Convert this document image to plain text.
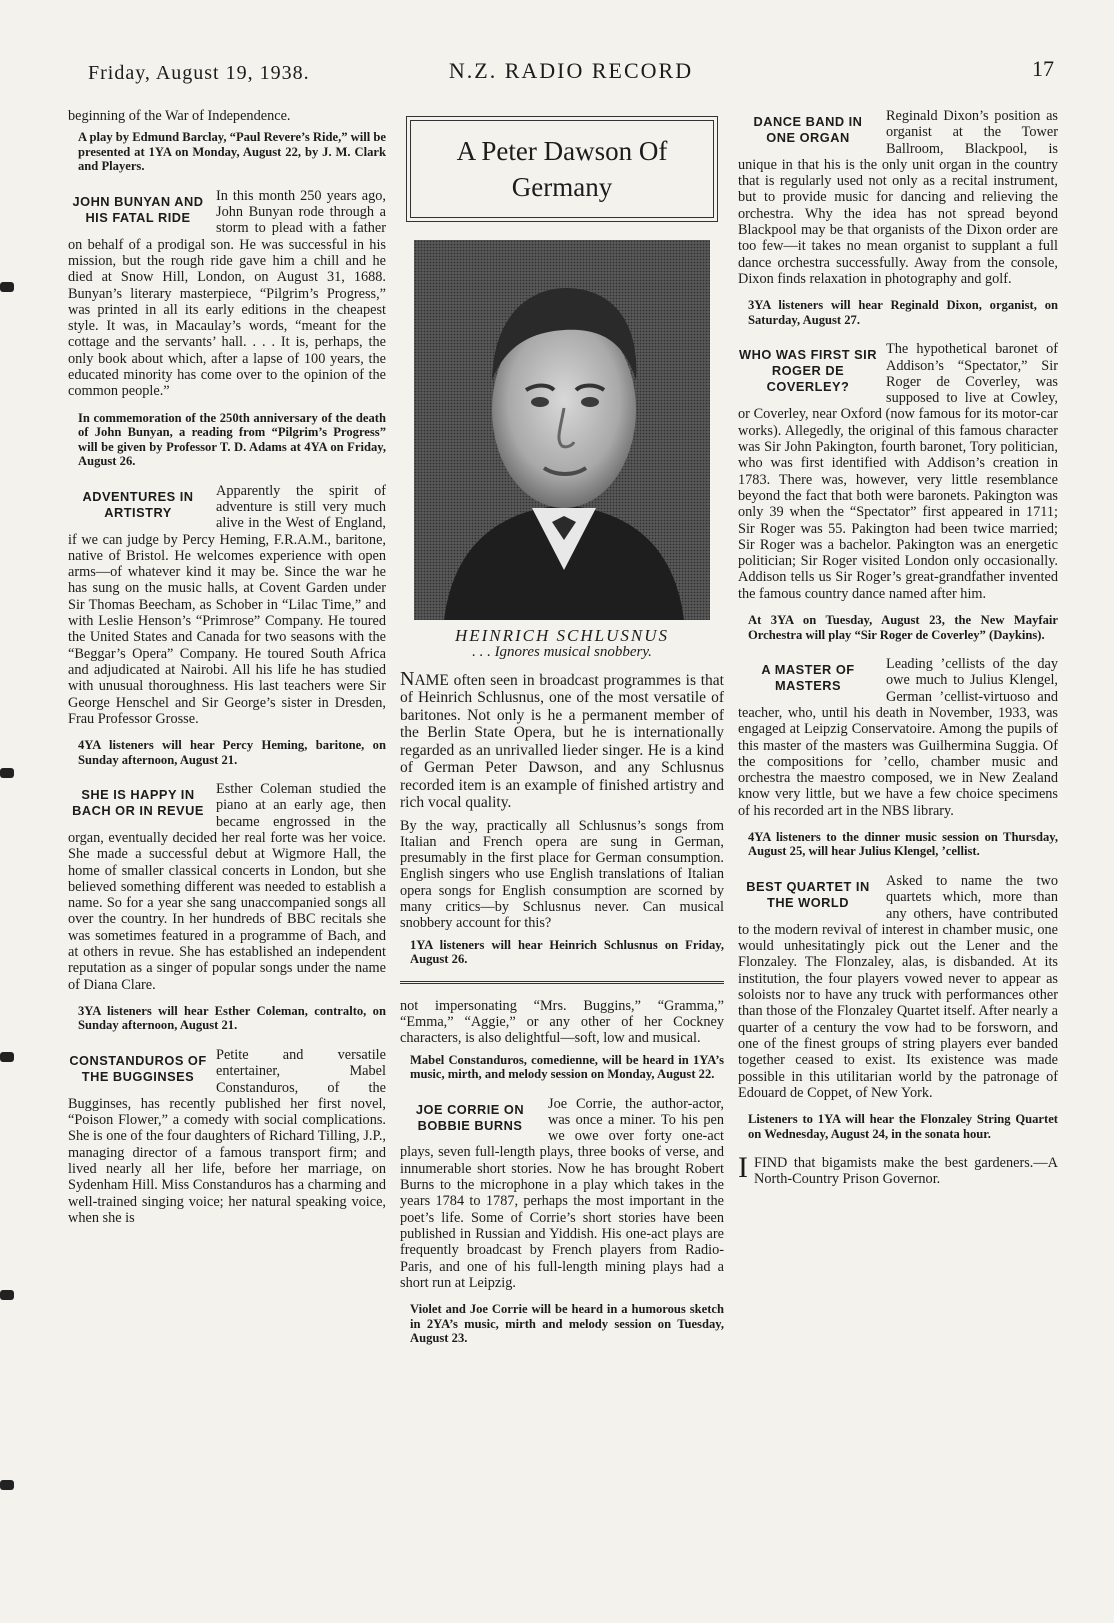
Friday, August 19, 1938.	N.Z. RADIO RECORD	17

beginning of the War of Independence.

A play by Edmund Barclay, “Paul Revere’s Ride,” will be presented at 1YA on Monday, August 22, by J. M. Clark and Players.
JOHN BUNYAN AND HIS FATAL RIDE

In this month 250 years ago, John Bunyan rode through a storm to plead with a father on behalf of a prodigal son. He was successful in his mission, but the rough ride gave him a chill and he died at Snow Hill, London, on August 31, 1688. Bunyan’s literary masterpiece, “Pilgrim’s Progress,” was printed in all its early editions in the cheapest style. It was, in Macaulay’s words, “meant for the cottage and the servants’ hall. . . . It is, perhaps, the only book about which, after a lapse of 100 years, the educated minority has come over to the opinion of the common people.”

In commemoration of the 250th anniversary of the death of John Bunyan, a reading from “Pilgrim’s Progress” will be given by Professor T. D. Adams at 4YA on Friday, August 26.
ADVENTURES IN ARTISTRY

Apparently the spirit of adventure is still very much alive in the West of England, if we can judge by Percy Heming, F.R.A.M., baritone, native of Bristol. He welcomes experience with open arms—of whatever kind it may be. Since the war he has sung on the music halls, at Covent Garden under Sir Thomas Beecham, as Schober in “Lilac Time,” and with Leslie Henson’s “Primrose” Company. He toured the United States and Canada for two seasons with the “Beggar’s Opera” Company. He toured South Africa and adjudicated at Nairobi. All his life he has studied with unusual thoroughness. His last teachers were Sir George Henschel and Sir George’s sister in Dresden, Frau Professor Grosse.

4YA listeners will hear Percy Heming, baritone, on Sunday afternoon, August 21.
SHE IS HAPPY IN BACH OR IN REVUE

Esther Coleman studied the piano at an early age, then became engrossed in the organ, eventually decided her real forte was her voice. She made a successful debut at Wigmore Hall, the home of smaller classical concerts in London, but she believed something different was needed to establish a name. So for a year she sang unaccompanied songs all over the country. In her hundreds of BBC recitals she was sometimes featured in a programme of Bach, and at others in revue. She has established an independent reputation as a singer of popular songs under the name of Diana Clare.

3YA listeners will hear Esther Coleman, contralto, on Sunday afternoon, August 21.
CONSTANDUROS OF THE BUGGINSES

Petite and versatile entertainer, Mabel Constanduros, of the Bugginses, has recently published her first novel, “Poison Flower,” a comedy with social complications. She is one of the four daughters of Richard Tilling, J.P., managing director of a famous transport firm; and lived nearly all her life, before her marriage, on Sydenham Hill. Miss Constanduros has a charming and well-trained singing voice; her natural speaking voice, when she is

A Peter Dawson Of Germany
HEINRICH SCHLUSNUS
. . . Ignores musical snobbery.

NAME often seen in broadcast programmes is that of Heinrich Schlusnus, one of the most versatile of baritones. Not only is he a permanent member of the Berlin State Opera, but he is internationally regarded as an unrivalled lieder singer. He is a kind of German Peter Dawson, and any Schlusnus recorded item is an example of finished artistry and rich vocal quality.

By the way, practically all Schlusnus’s songs from Italian and French opera are sung in German, presumably in the first place for German consumption. English singers who use English translations of Italian opera songs for English consumption are scorned by many critics—by Schlusnus never. Can musical snobbery account for this?

1YA listeners will hear Heinrich Schlusnus on Friday, August 26.

not impersonating “Mrs. Buggins,” “Gramma,” “Emma,” “Aggie,” or any other of her Cockney characters, is also delightful—soft, low and musical.

Mabel Constanduros, comedienne, will be heard in 1YA’s music, mirth, and melody session on Monday, August 22.
JOE CORRIE ON BOBBIE BURNS

Joe Corrie, the author-actor, was once a miner. To his pen we owe over forty one-act plays, seven full-length plays, three books of verse, and innumerable short stories. Now he has brought Robert Burns to the microphone in a play which takes in the years 1784 to 1787, perhaps the most important in the poet’s life. Some of Corrie’s short stories have been published in Russian and Yiddish. His one-act plays are frequently broadcast by French players from Radio-Paris, and one of his full-length mining plays had a short run at Leipzig.

Violet and Joe Corrie will be heard in a humorous sketch in 2YA’s music, mirth and melody session on Tuesday, August 23.
DANCE BAND IN ONE ORGAN

Reginald Dixon’s position as organist at the Tower Ballroom, Blackpool, is unique in that his is the only unit organ in the country that is regularly used not only as a recital instrument, but to provide music for dancing and relieving the orchestra. Why the idea has not spread beyond Blackpool may be that organists of the Dixon order are too few—it takes no mean organist to supplant a full dance orchestra successfully. Away from the console, Dixon finds relaxation in photography and golf.

3YA listeners will hear Reginald Dixon, organist, on Saturday, August 27.
WHO WAS FIRST SIR ROGER DE COVERLEY?

The hypothetical baronet of Addison’s “Spectator,” Sir Roger de Coverley, was supposed to live at Cowley, or Coverley, near Oxford (now famous for its motor-car works). Allegedly, the original of this famous character was Sir John Pakington, fourth baronet, Tory politician, who was first identified with Addison’s creation in 1783. There was, however, very little resemblance beyond the fact that both were baronets. Pakington was only 39 when the “Spectator” first appeared in 1711; Sir Roger was 55. Pakington had been twice married; Sir Roger was a bachelor. Pakington was an energetic politician; Sir Roger visited London only occasionally. Addison tells us Sir Roger’s great-grandfather invented the famous country dance named after him.

At 3YA on Tuesday, August 23, the New Mayfair Orchestra will play “Sir Roger de Coverley” (Daykins).
A MASTER OF MASTERS

Leading ’cellists of the day owe much to Julius Klengel, German ’cellist-virtuoso and teacher, who, until his death in November, 1933, was engaged at Leipzig Conservatoire. Among the pupils of this master of the masters was Guilhermina Suggia. Of the compositions for ’cello, chamber music and orchestra the maestro composed, we in New Zealand know very little, but we have a few choice specimens of his recorded art in the NBS library.

4YA listeners to the dinner music session on Thursday, August 25, will hear Julius Klengel, ’cellist.
BEST QUARTET IN THE WORLD

Asked to name the two quartets which, more than any others, have contributed to the modern revival of interest in chamber music, one would unhesitatingly pick out the Lener and the Flonzaley. The Flonzaley, alas, is disbanded. At its institution, the four players vowed never to appear as soloists nor to have any truck with performances other than those of the Flonzaley Quartet itself. After nearly a quarter of a century the vow had to be forsworn, and one of the finest groups of string players ever banded together ceased to exist. Its existence was made possible in this utilitarian world by the patronage of Edouard de Coppet, of New York.

Listeners to 1YA will hear the Flonzaley String Quartet on Wednesday, August 24, in the sonata hour.
I FIND that bigamists make the best gardeners.—A North-Country Prison Governor.
